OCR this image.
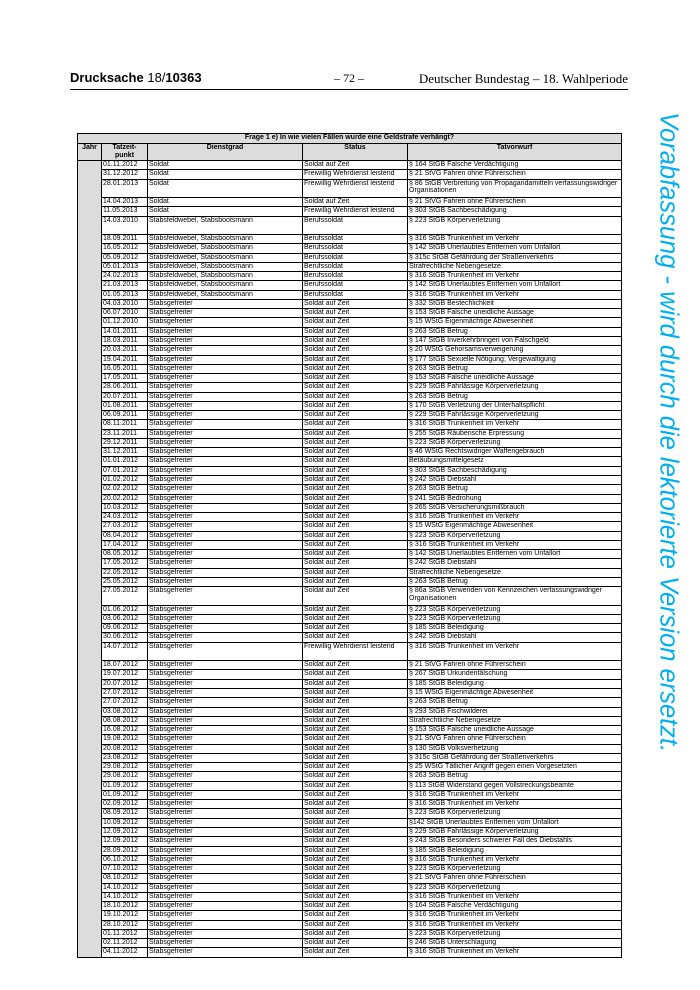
Drucksache 18/10363	– 72 –	Deutscher Bundestag – 18. Wahlperiode
Vorabfassung - wird durch die lektorierte Version ersetzt.
Frage 1 e) In wie vielen Fällen wurde eine Geldstrafe verhängt?				
Jahr	Tatzeit-punkt	Dienstgrad	Status	Tatvorwurf
	01.11.2012	Soldat	Soldat auf Zeit	§ 164 StGB Falsche Verdächtigung
	31.12.2012	Soldat	Freiwillig Wehrdienst leistend	§ 21 StVG Fahren ohne Führerschein
	28.01.2013	Soldat	Freiwillig Wehrdienst leistend	§ 86 StGB Verbreitung von Propagandamitteln verfassungswidriger Organisationen
	14.04.2013	Soldat	Soldat auf Zeit	§ 21 StVG Fahren ohne Führerschein
	11.05.2013	Soldat	Freiwillig Wehrdienst leistend	§ 303 StGB Sachbeschädigung
	14.03.2010	Stabsfeldwebel, Stabsbootsmann	Berufssoldat	§ 223 StGB Körperverletzung
	18.09.2011	Stabsfeldwebel, Stabsbootsmann	Berufssoldat	§ 316 StGB Trunkenheit im Verkehr
	16.05.2012	Stabsfeldwebel, Stabsbootsmann	Berufssoldat	§ 142 StGB Unerlaubtes Entfernen vom Unfallort
	05.09.2012	Stabsfeldwebel, Stabsbootsmann	Berufssoldat	§ 315c StGB Gefährdung der Straßenverkehrs
	05.01.2013	Stabsfeldwebel, Stabsbootsmann	Berufssoldat	Strafrechtliche Nebengesetze
	24.02.2013	Stabsfeldwebel, Stabsbootsmann	Berufssoldat	§ 316 StGB Trunkenheit im Verkehr
	21.03.2013	Stabsfeldwebel, Stabsbootsmann	Berufssoldat	§ 142 StGB Unerlaubtes Entfernen vom Unfallort
	01.05.2013	Stabsfeldwebel, Stabsbootsmann	Berufssoldat	§ 316 StGB Trunkenheit im Verkehr
	04.03.2010	Stabsgefreiter	Soldat auf Zeit	§ 332 StGB Bestechlichkeit
	06.07.2010	Stabsgefreiter	Soldat auf Zeit	§ 153 StGB Falsche uneidliche Aussage
	01.12.2010	Stabsgefreiter	Soldat auf Zeit	§ 15 WStG Eigenmächtige Abwesenheit
	14.01.2011	Stabsgefreiter	Soldat auf Zeit	§ 263 StGB Betrug
	18.03.2011	Stabsgefreiter	Soldat auf Zeit	§ 147 StGB Inverkehrbringen von Falschgeld
	20.03.2011	Stabsgefreiter	Soldat auf Zeit	§ 20 WStG Gehorsamsverweigerung
	19.04.2011	Stabsgefreiter	Soldat auf Zeit	§ 177 StGB Sexuelle Nötigung; Vergewaltigung
	16.05.2011	Stabsgefreiter	Soldat auf Zeit	§ 263 StGB Betrug
	17.05.2011	Stabsgefreiter	Soldat auf Zeit	§ 153 StGB Falsche uneidliche Aussage
	28.06.2011	Stabsgefreiter	Soldat auf Zeit	§ 229 StGB Fahrlässige Körperverletzung
	20.07.2011	Stabsgefreiter	Soldat auf Zeit	§ 263 StGB Betrug
	01.08.2011	Stabsgefreiter	Soldat auf Zeit	§ 170 StGB Verletzung der Unterhaltspflicht
	06.09.2011	Stabsgefreiter	Soldat auf Zeit	§ 229 StGB Fahrlässige Körperverletzung
	08.11.2011	Stabsgefreiter	Soldat auf Zeit	§ 316 StGB Trunkenheit im Verkehr
	23.11.2011	Stabsgefreiter	Soldat auf Zeit	§ 255 StGB Räuberische Erpressung
	29.12.2011	Stabsgefreiter	Soldat auf Zeit	§ 223 StGB Körperverletzung
	31.12.2011	Stabsgefreiter	Soldat auf Zeit	§ 46 WStG Rechtswidriger Waffengebrauch
	01.01.2012	Stabsgefreiter	Soldat auf Zeit	Betäubungsmittelgesetz
	07.01.2012	Stabsgefreiter	Soldat auf Zeit	§ 303 StGB Sachbeschädigung
	01.02.2012	Stabsgefreiter	Soldat auf Zeit	§ 242 StGB Diebstahl
	02.02.2012	Stabsgefreiter	Soldat auf Zeit	§ 263 StGB Betrug
	20.02.2012	Stabsgefreiter	Soldat auf Zeit	§ 241 StGB Bedrohung
	10.03.2012	Stabsgefreiter	Soldat auf Zeit	§ 265 StGB Versicherungsmißbrauch
	24.03.2012	Stabsgefreiter	Soldat auf Zeit	§ 316 StGB Trunkenheit im Verkehr
	27.03.2012	Stabsgefreiter	Soldat auf Zeit	§ 15 WStG Eigenmächtige Abwesenheit
	08.04.2012	Stabsgefreiter	Soldat auf Zeit	§ 223 StGB Körperverletzung
	17.04.2012	Stabsgefreiter	Soldat auf Zeit	§ 316 StGB Trunkenheit im Verkehr
	08.05.2012	Stabsgefreiter	Soldat auf Zeit	§ 142 StGB Unerlaubtes Entfernen vom Unfallort
	17.05.2012	Stabsgefreiter	Soldat auf Zeit	§ 242 StGB Diebstahl
	22.05.2012	Stabsgefreiter	Soldat auf Zeit	Strafrechtliche Nebengesetze
	25.05.2012	Stabsgefreiter	Soldat auf Zeit	§ 263 StGB Betrug
	27.05.2012	Stabsgefreiter	Soldat auf Zeit	§ 86a StGB Verwenden von Kennzeichen verfassungswidriger Organisationen
	01.06.2012	Stabsgefreiter	Soldat auf Zeit	§ 223 StGB Körperverletzung
	03.06.2012	Stabsgefreiter	Soldat auf Zeit	§ 223 StGB Körperverletzung
	09.06.2012	Stabsgefreiter	Soldat auf Zeit	§ 185 StGB Beleidigung
	30.06.2012	Stabsgefreiter	Soldat auf Zeit	§ 242 StGB Diebstahl
	14.07.2012	Stabsgefreiter	Freiwillig Wehrdienst leistend	§ 316 StGB Trunkenheit im Verkehr
	18.07.2012	Stabsgefreiter	Soldat auf Zeit	§ 21 StVG Fahren ohne Führerschein
	19.07.2012	Stabsgefreiter	Soldat auf Zeit	§ 267 StGB Urkundenfälschung
	20.07.2012	Stabsgefreiter	Soldat auf Zeit	§ 185 StGB Beleidigung
	27.07.2012	Stabsgefreiter	Soldat auf Zeit	§ 15 WStG Eigenmächtige Abwesenheit
	27.07.2012	Stabsgefreiter	Soldat auf Zeit	§ 263 StGB Betrug
	03.08.2012	Stabsgefreiter	Soldat auf Zeit	§ 293 StGB Fischwilderei
	08.08.2012	Stabsgefreiter	Soldat auf Zeit	Strafrechtliche Nebengesetze
	16.08.2012	Stabsgefreiter	Soldat auf Zeit	§ 153 StGB Falsche uneidliche Aussage
	19.08.2012	Stabsgefreiter	Soldat auf Zeit	§ 21 StVG Fahren ohne Führerschein
	20.08.2012	Stabsgefreiter	Soldat auf Zeit	§ 130 StGB Volksverhetzung
	23.08.2012	Stabsgefreiter	Soldat auf Zeit	§ 315c StGB Gefährdung der Straßenverkehrs
	29.08.2012	Stabsgefreiter	Soldat auf Zeit	§ 25 WStG Tätlicher Angriff gegen einen Vorgesetzten
	29.08.2012	Stabsgefreiter	Soldat auf Zeit	§ 263 StGB Betrug
	01.09.2012	Stabsgefreiter	Soldat auf Zeit	§ 113 StGB Widerstand gegen Vollstreckungsbeamte
	01.09.2012	Stabsgefreiter	Soldat auf Zeit	§ 316 StGB Trunkenheit im Verkehr
	02.09.2012	Stabsgefreiter	Soldat auf Zeit	§ 316 StGB Trunkenheit im Verkehr
	08.09.2012	Stabsgefreiter	Soldat auf Zeit	§ 223 StGB Körperverletzung
	10.09.2012	Stabsgefreiter	Soldat auf Zeit	§142 StGB Unerlaubtes Entfernen vom Unfallort
	12.09.2012	Stabsgefreiter	Soldat auf Zeit	§ 229 StGB Fahrlässige Körperverletzung
	12.09.2012	Stabsgefreiter	Soldat auf Zeit	§ 243 StGB Besonders schwerer Fall des Diebstahls
	28.09.2012	Stabsgefreiter	Soldat auf Zeit	§ 185 StGB Beleidigung
	06.10.2012	Stabsgefreiter	Soldat auf Zeit	§ 316 StGB Trunkenheit im Verkehr
	07.10.2012	Stabsgefreiter	Soldat auf Zeit	§ 223 StGB Körperverletzung
	08.10.2012	Stabsgefreiter	Soldat auf Zeit	§ 21 StVG Fahren ohne Führerschein
	14.10.2012	Stabsgefreiter	Soldat auf Zeit	§ 223 StGB Körperverletzung
	14.10.2012	Stabsgefreiter	Soldat auf Zeit	§ 316 StGB Trunkenheit im Verkehr
	18.10.2012	Stabsgefreiter	Soldat auf Zeit	§ 164 StGB Falsche Verdächtigung
	19.10.2012	Stabsgefreiter	Soldat auf Zeit	§ 316 StGB Trunkenheit im Verkehr
	28.10.2012	Stabsgefreiter	Soldat auf Zeit	§ 316 StGB Trunkenheit im Verkehr
	01.11.2012	Stabsgefreiter	Soldat auf Zeit	§ 223 StGB Körperverletzung
	02.11.2012	Stabsgefreiter	Soldat auf Zeit	§ 246 StGB Unterschlagung
	04.11.2012	Stabsgefreiter	Soldat auf Zeit	§ 316 StGB Trunkenheit im Verkehr
